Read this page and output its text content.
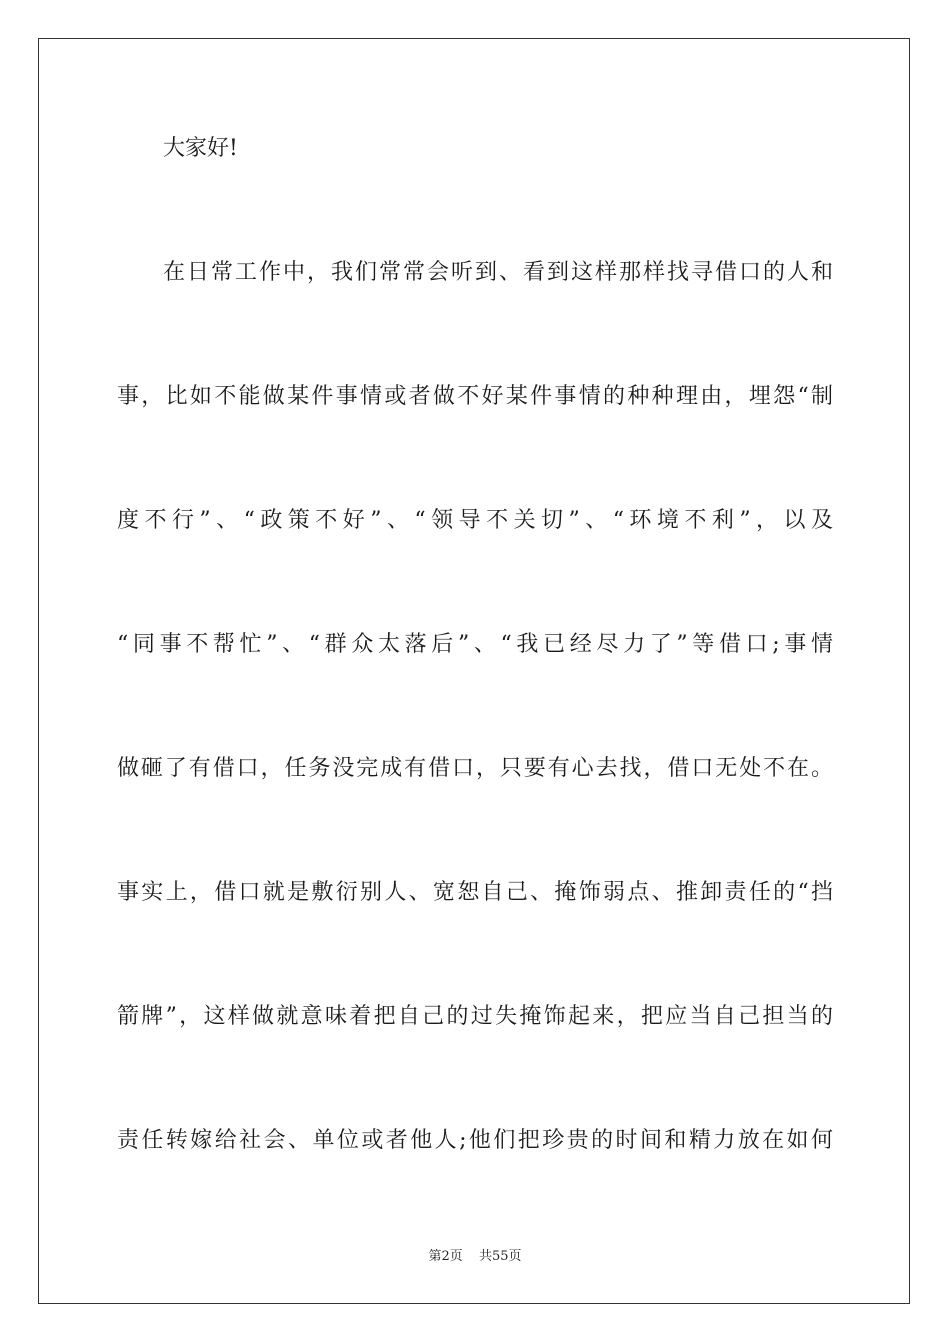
大家好!
在日常工作中，我们常常会听到、看到这样那样找寻借口的人和
事，比如不能做某件事情或者做不好某件事情的种种理由，埋怨“制
度不行”、“政策不好”、“领导不关切”、“环境不利”，以及
“同事不帮忙”、“群众太落后”、“我已经尽力了”等借口;事情
做砸了有借口，任务没完成有借口，只要有心去找，借口无处不在。
事实上，借口就是敷衍别人、宽恕自己、掩饰弱点、推卸责任的“挡
箭牌”，这样做就意味着把自己的过失掩饰起来，把应当自己担当的
责任转嫁给社会、单位或者他人;他们把珍贵的时间和精力放在如何
第2页 共55页
